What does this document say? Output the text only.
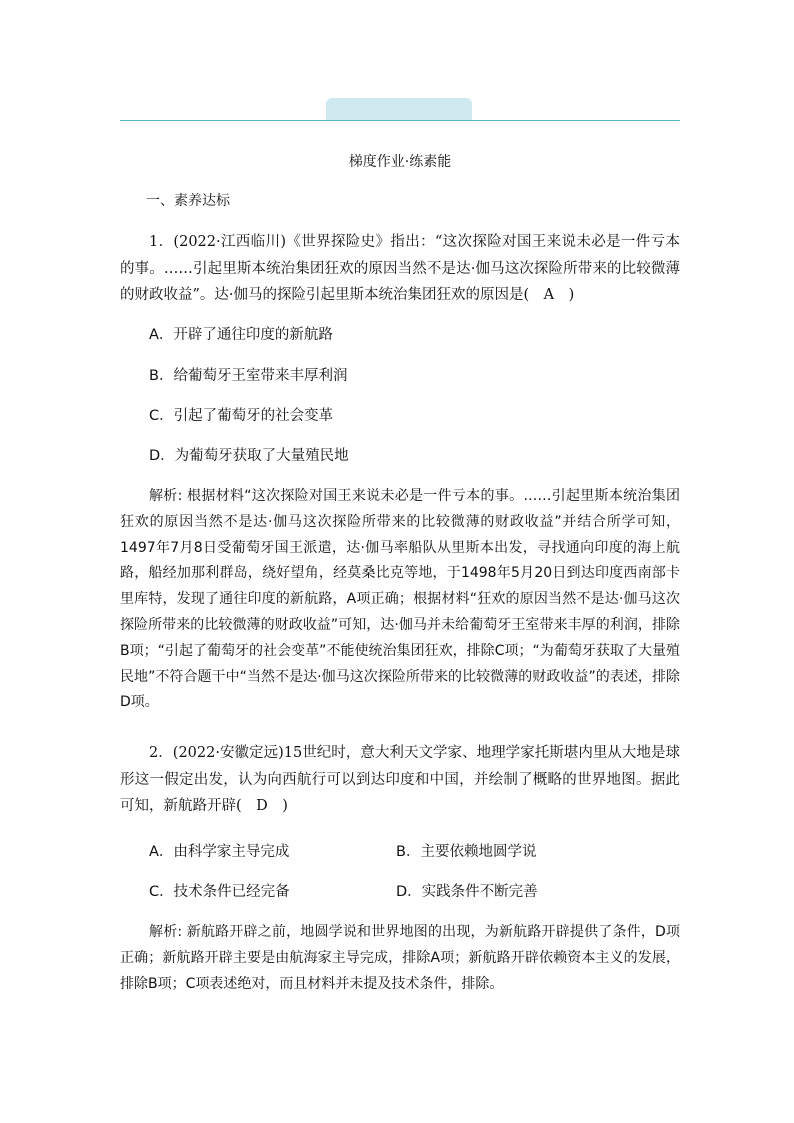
梯度作业·练素能
一、素养达标

1．(2022·江西临川)《世界探险史》指出：“这次探险对国王来说未必是一件亏本的事。……引起里斯本统治集团狂欢的原因当然不是达·伽马这次探险所带来的比较微薄的财政收益”。达·伽马的探险引起里斯本统治集团狂欢的原因是(　A　)

A．开辟了通往印度的新航路
B．给葡萄牙王室带来丰厚利润
C．引起了葡萄牙的社会变革
D．为葡萄牙获取了大量殖民地

解析: 根据材料“这次探险对国王来说未必是一件亏本的事。……引起里斯本统治集团狂欢的原因当然不是达·伽马这次探险所带来的比较微薄的财政收益”并结合所学可知，1497年7月8日受葡萄牙国王派遣，达·伽马率船队从里斯本出发，寻找通向印度的海上航路，船经加那利群岛，绕好望角，经莫桑比克等地，于1498年5月20日到达印度西南部卡里库特，发现了通往印度的新航路，A项正确；根据材料“狂欢的原因当然不是达·伽马这次探险所带来的比较微薄的财政收益”可知，达·伽马并未给葡萄牙王室带来丰厚的利润，排除B项；“引起了葡萄牙的社会变革”不能使统治集团狂欢，排除C项；“为葡萄牙获取了大量殖民地”不符合题干中“当然不是达·伽马这次探险所带来的比较微薄的财政收益”的表述，排除D项。

2．(2022·安徽定远)15世纪时，意大利天文学家、地理学家托斯堪内里从大地是球形这一假定出发，认为向西航行可以到达印度和中国，并绘制了概略的世界地图。据此可知，新航路开辟(　D　)

A．由科学家主导完成	B．主要依赖地圆学说
C．技术条件已经完备	D．实践条件不断完善

解析: 新航路开辟之前，地圆学说和世界地图的出现，为新航路开辟提供了条件，D项正确；新航路开辟主要是由航海家主导完成，排除A项；新航路开辟依赖资本主义的发展，排除B项；C项表述绝对，而且材料并未提及技术条件，排除。
